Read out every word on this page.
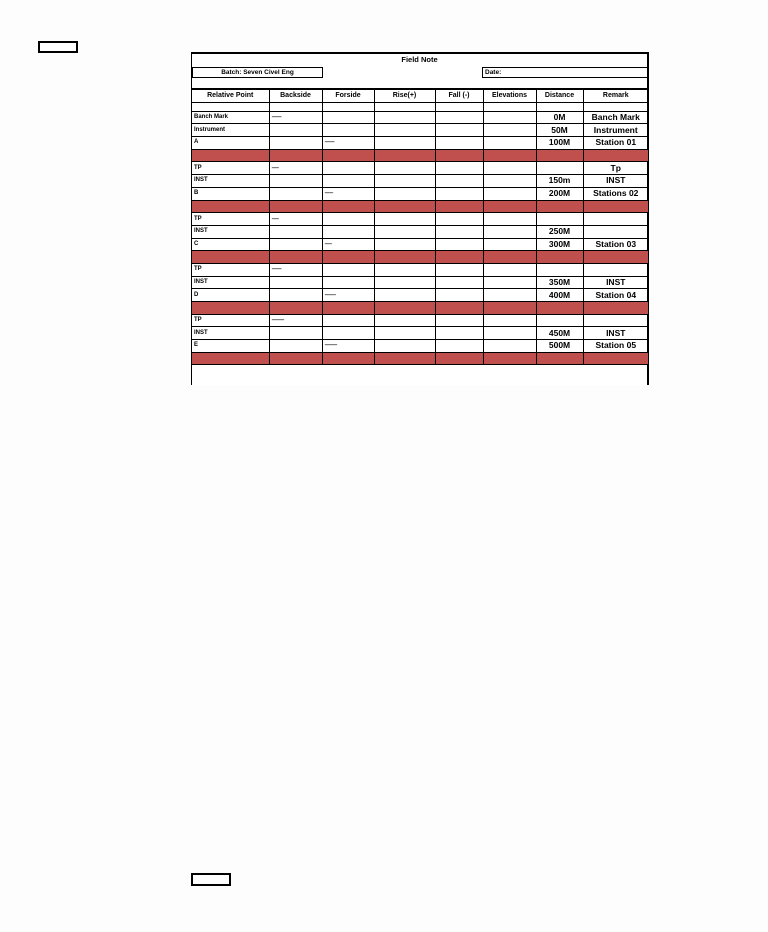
Field Note
Batch: Seven Civel Eng	Date:
Relative Point	Backside	Forside	Rise(+)	Fall (-)	Elevations	Distance	Remark

Banch Mark	-------					0M	Banch Mark
Instrument						50M	Instrument
A		-------				100M	Station 01

TP	-----						Tp
INST						150m	INST
B		------				200M	Stations 02

TP	-----						
INST						250M	
C		-----				300M	Station 03

TP	-------						
INST						350M	INST
D		--------				400M	Station 04

TP	---------						
INST						450M	INST
E		---------				500M	Station 05
